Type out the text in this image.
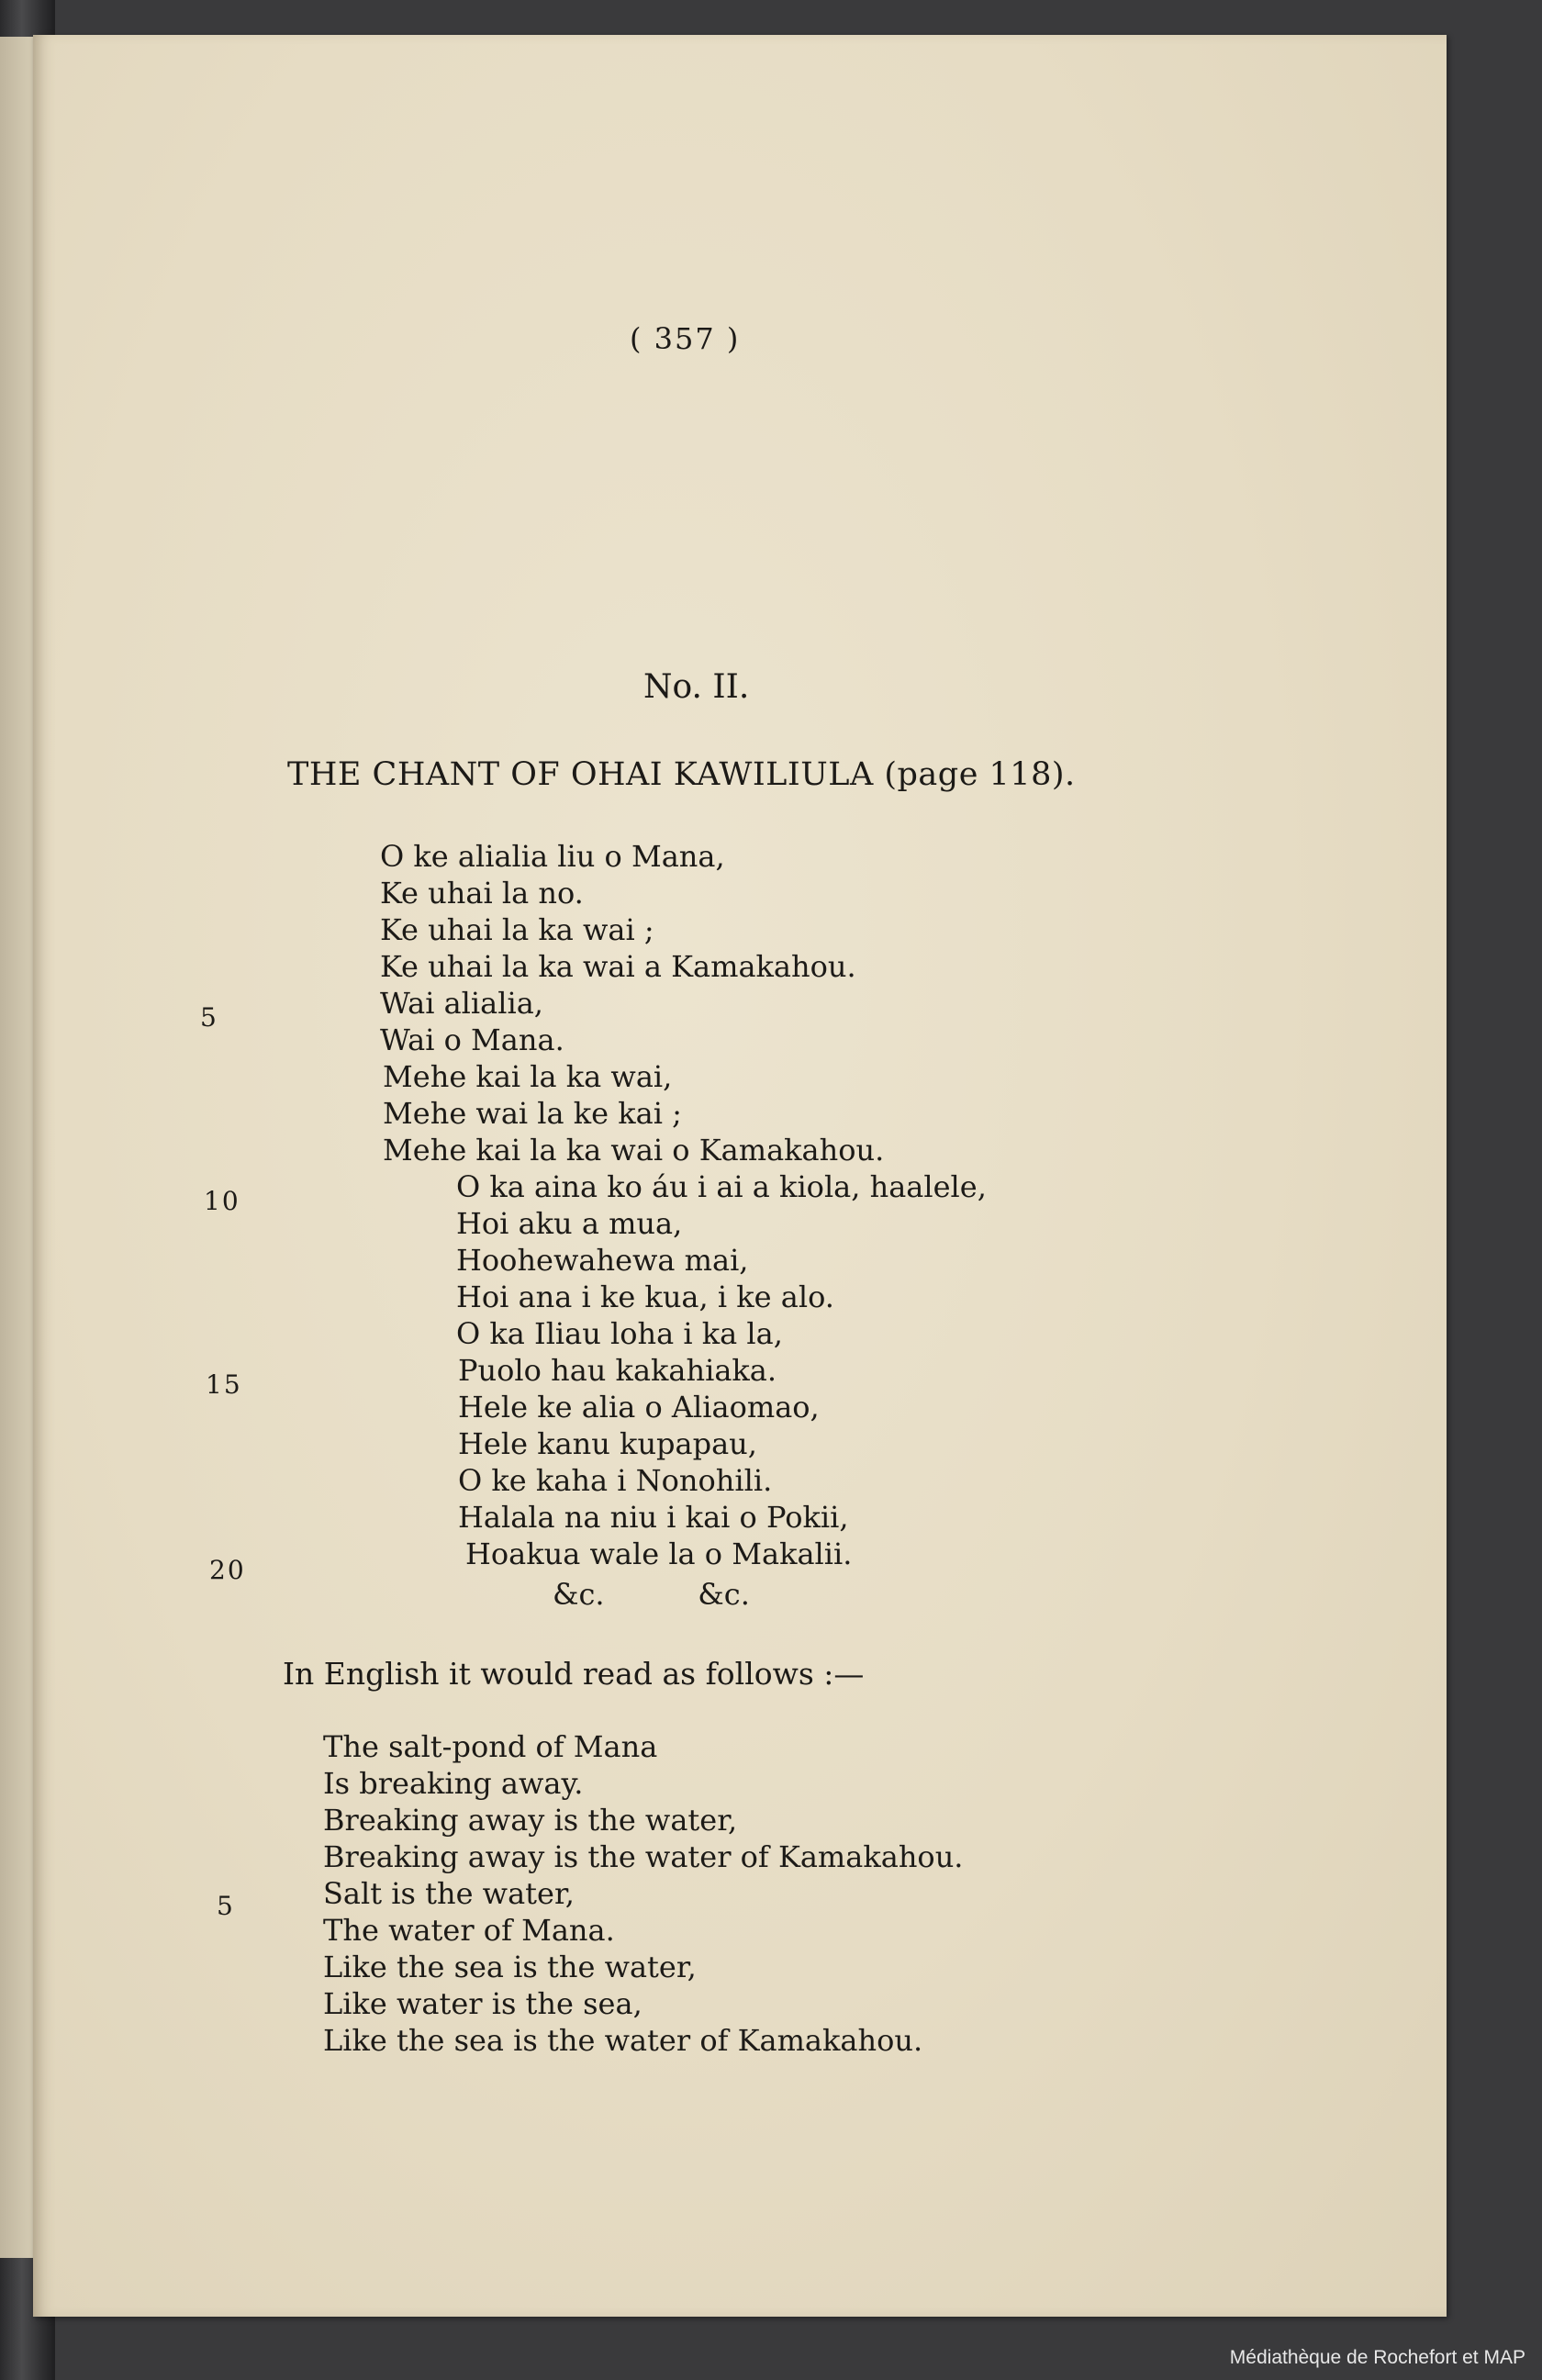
( 357 )
No. II.
THE CHANT OF OHAI KAWILIULA (page 118).
O ke alialia liu o Mana,
Ke uhai la no.
Ke uhai la ka wai ;
Ke uhai la ka wai a Kamakahou.
Wai alialia,
Wai o Mana.
Mehe kai la ka wai,
Mehe wai la ke kai ;
Mehe kai la ka wai o Kamakahou.
O ka aina ko áu i ai a kiola, haalele,
Hoi aku a mua,
Hoohewahewa mai,
Hoi ana i ke kua, i ke alo.
O ka Iliau loha i ka la,
Puolo hau kakahiaka.
Hele ke alia o Aliaomao,
Hele kanu kupapau,
O ke kaha i Nonohili.
Halala na niu i kai o Pokii,
Hoakua wale la o Makalii.
&c.          &c.
5
10
15
20
In English it would read as follows :—
The salt-pond of Mana
Is breaking away.
Breaking away is the water,
Breaking away is the water of Kamakahou.
Salt is the water,
The water of Mana.
Like the sea is the water,
Like water is the sea,
Like the sea is the water of Kamakahou.
5
Médiathèque de Rochefort et MAP
